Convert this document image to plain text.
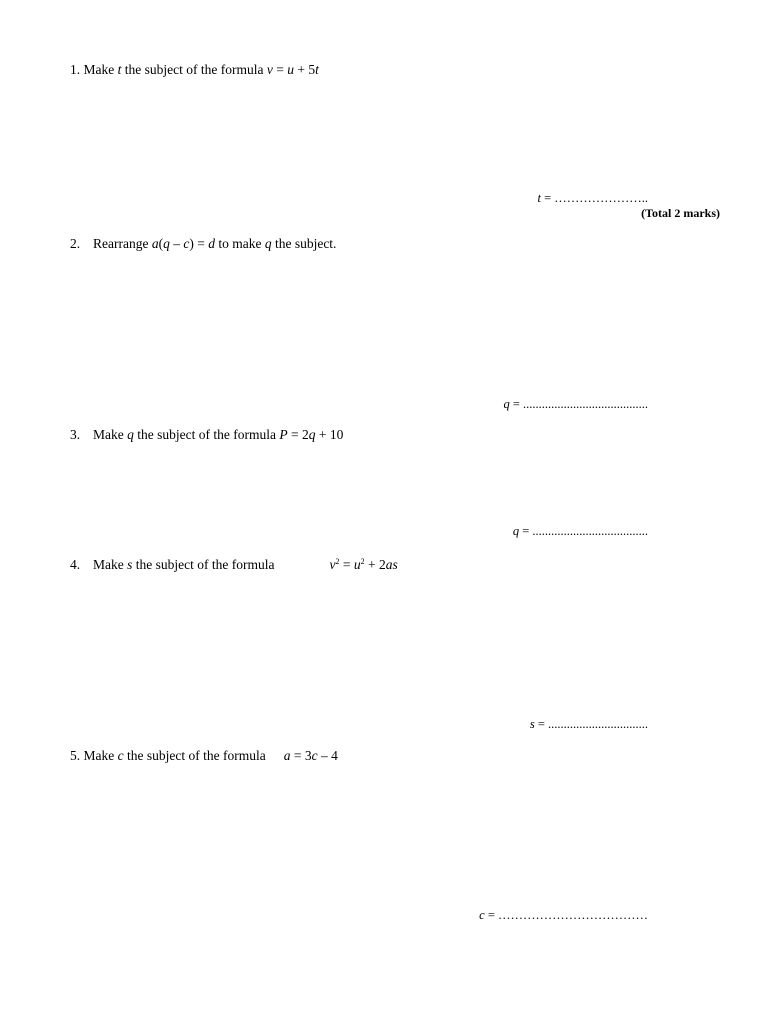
1. Make t the subject of the formula v = u + 5t
t = …………………..
(Total 2 marks)
2. Rearrange a(q – c) = d to make q the subject.
q = ........................................
3. Make q the subject of the formula P = 2q + 10
q = .....................................
4. Make s the subject of the formula	$v^2 = u^2 + 2as$
s = ................................
5. Make c the subject of the formula a = 3c – 4
c = ………………………………
